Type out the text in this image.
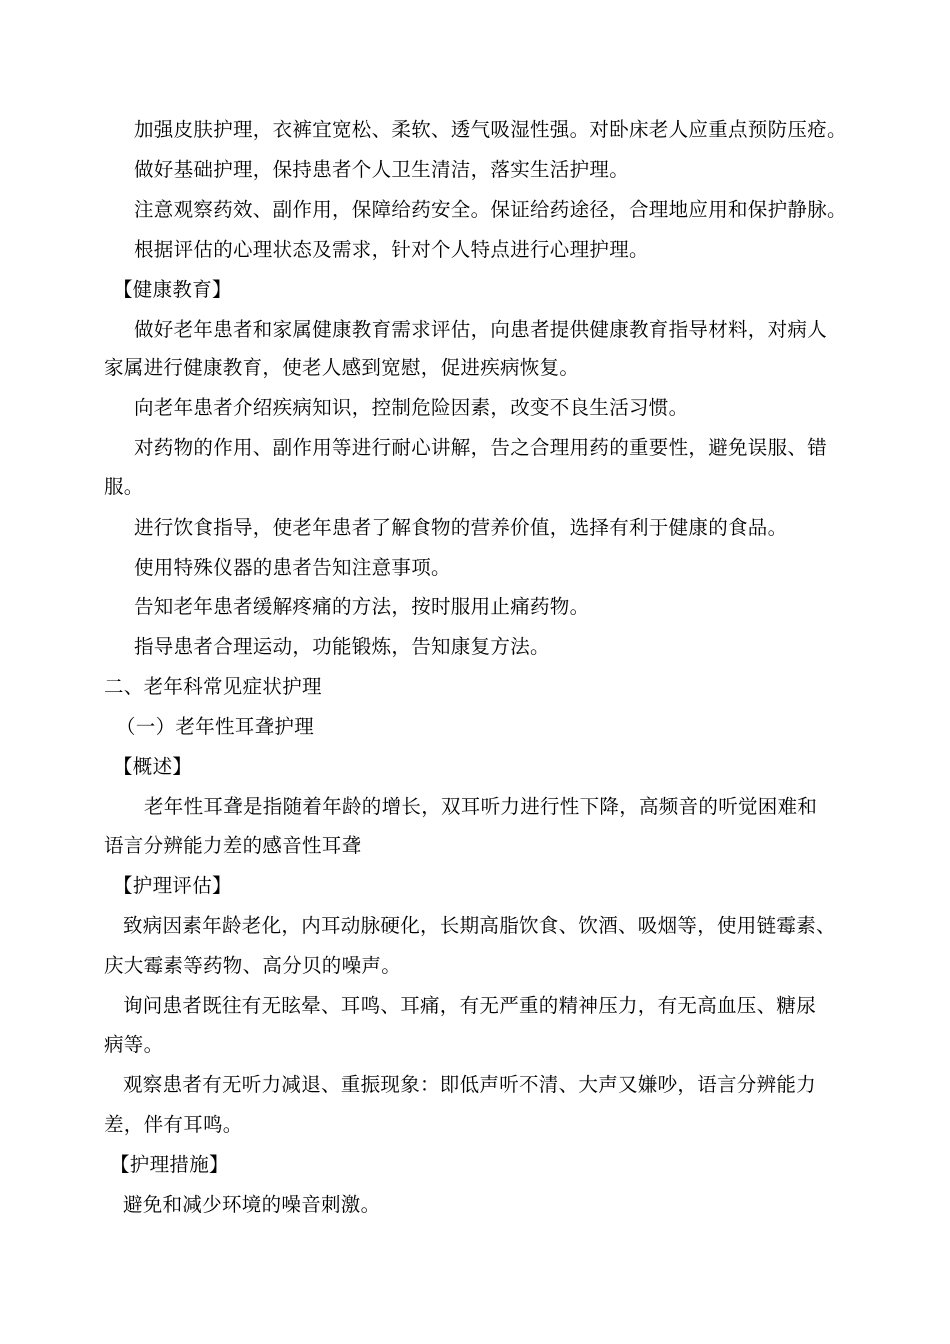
加强皮肤护理，衣裤宜宽松、柔软、透气吸湿性强。对卧床老人应重点预防压疮。
做好基础护理，保持患者个人卫生清洁，落实生活护理。
注意观察药效、副作用，保障给药安全。保证给药途径，合理地应用和保护静脉。
根据评估的心理状态及需求，针对个人特点进行心理护理。
【健康教育】
做好老年患者和家属健康教育需求评估，向患者提供健康教育指导材料，对病人
家属进行健康教育，使老人感到宽慰，促进疾病恢复。
向老年患者介绍疾病知识，控制危险因素，改变不良生活习惯。
对药物的作用、副作用等进行耐心讲解，告之合理用药的重要性，避免误服、错
服。
进行饮食指导，使老年患者了解食物的营养价值，选择有利于健康的食品。
使用特殊仪器的患者告知注意事项。
告知老年患者缓解疼痛的方法，按时服用止痛药物。
指导患者合理运动，功能锻炼，告知康复方法。
二、老年科常见症状护理
（一）老年性耳聋护理
【概述】
老年性耳聋是指随着年龄的增长，双耳听力进行性下降，高频音的听觉困难和
语言分辨能力差的感音性耳聋
【护理评估】
致病因素年龄老化，内耳动脉硬化，长期高脂饮食、饮酒、吸烟等，使用链霉素、
庆大霉素等药物、高分贝的噪声。
询问患者既往有无眩晕、耳鸣、耳痛，有无严重的精神压力，有无高血压、糖尿
病等。
观察患者有无听力减退、重振现象：即低声听不清、大声又嫌吵，语言分辨能力
差，伴有耳鸣。
【护理措施】
避免和减少环境的噪音刺激。
